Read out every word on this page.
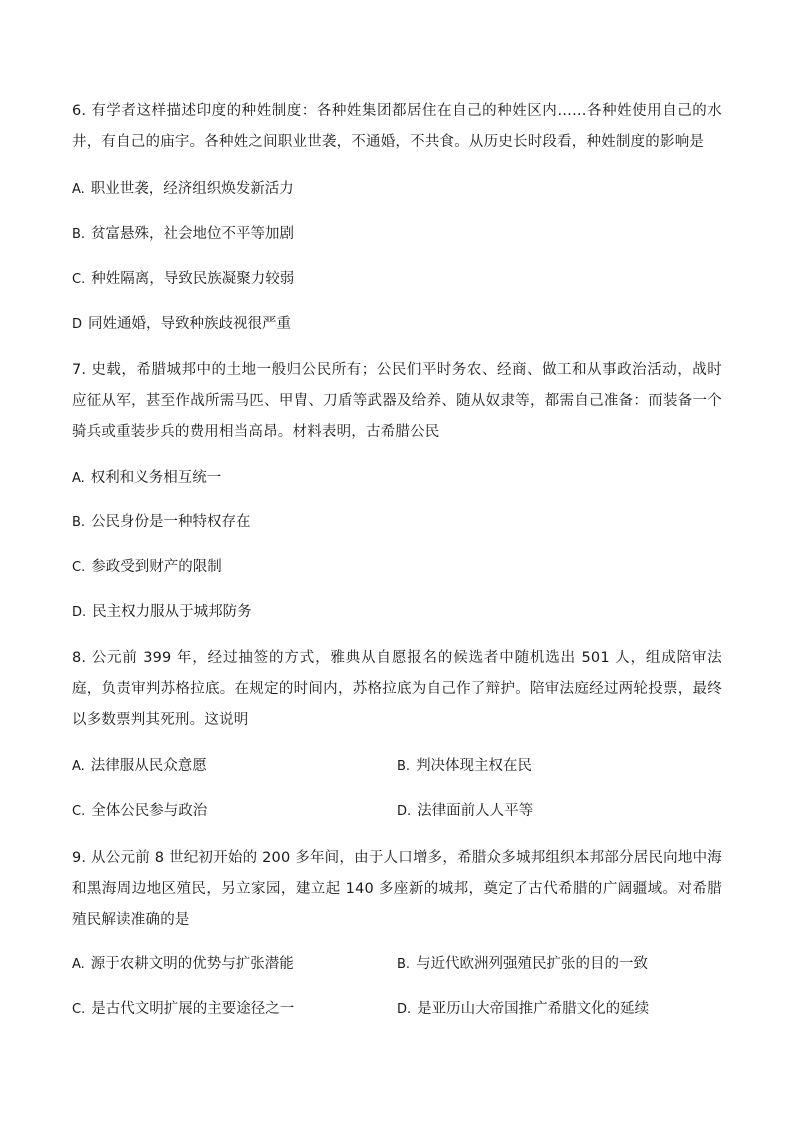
6. 有学者这样描述印度的种姓制度：各种姓集团都居住在自己的种姓区内……各种姓使用自己的水井，有自己的庙宇。各种姓之间职业世袭，不通婚，不共食。从历史长时段看，种姓制度的影响是

A. 职业世袭，经济组织焕发新活力
B. 贫富悬殊，社会地位不平等加剧
C. 种姓隔离，导致民族凝聚力较弱
D 同姓通婚，导致种族歧视很严重

7. 史载，希腊城邦中的土地一般归公民所有；公民们平时务农、经商、做工和从事政治活动，战时应征从军，甚至作战所需马匹、甲胄、刀盾等武器及给养、随从奴隶等，都需自己准备：而装备一个骑兵或重装步兵的费用相当高昂。材料表明，古希腊公民

A. 权利和义务相互统一
B. 公民身份是一种特权存在
C. 参政受到财产的限制
D. 民主权力服从于城邦防务

8. 公元前 399 年，经过抽签的方式，雅典从自愿报名的候选者中随机选出 501 人，组成陪审法庭，负责审判苏格拉底。在规定的时间内，苏格拉底为自己作了辩护。陪审法庭经过两轮投票，最终以多数票判其死刑。这说明

A. 法律服从民众意愿	B. 判决体现主权在民
C. 全体公民参与政治	D. 法律面前人人平等

9. 从公元前 8 世纪初开始的 200 多年间，由于人口增多，希腊众多城邦组织本邦部分居民向地中海和黑海周边地区殖民，另立家园，建立起 140 多座新的城邦，奠定了古代希腊的广阔疆域。对希腊殖民解读准确的是

A. 源于农耕文明的优势与扩张潜能	B. 与近代欧洲列强殖民扩张的目的一致
C. 是古代文明扩展的主要途径之一	D. 是亚历山大帝国推广希腊文化的延续
